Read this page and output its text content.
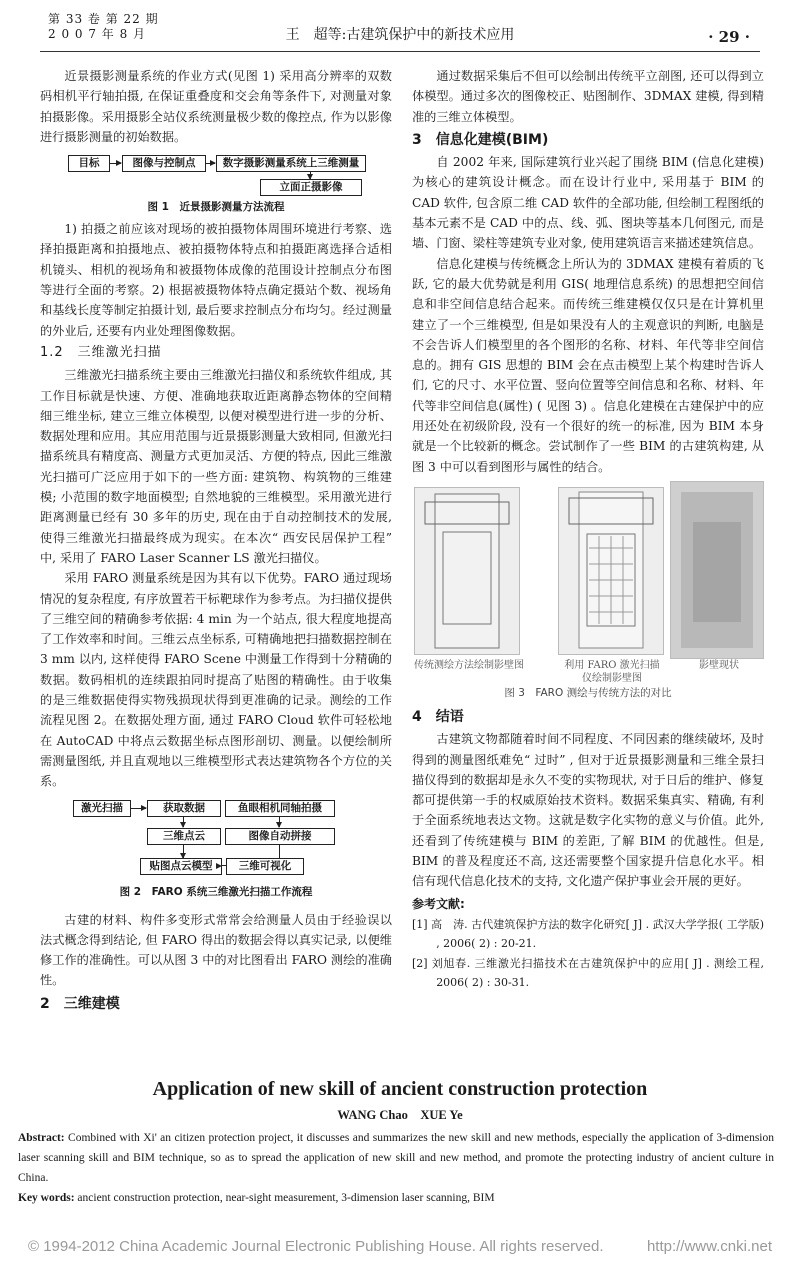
第 33 卷 第 22 期
2 0 0 7 年 8 月	王　超等:古建筑保护中的新技术应用	· 29 ·

近景摄影测量系统的作业方式(见图 1) 采用高分辨率的双数码相机平行轴拍摄, 在保证重叠度和交会角等条件下, 对测量对象拍摄影像。采用摄影全站仪系统测量极少数的像控点, 作为以影像进行摄影测量的初始数据。

目标	图像与控制点	数字摄影测量系统上三维测量
立面正摄影像
图 1　近景摄影测量方法流程

1) 拍摄之前应该对现场的被拍摄物体周围环境进行考察、选择拍摄距离和拍摄地点、被拍摄物体特点和拍摄距离选择合适相机镜头、相机的视场角和被摄物体成像的范围设计控制点分布图等进行全面的考察。2) 根据被摄物体特点确定摄站个数、视场角和基线长度等制定拍摄计划, 最后要求控制点分布均匀。经过测量的外业后, 还要有内业处理图像数据。

1.2　三维激光扫描

三维激光扫描系统主要由三维激光扫描仪和系统软件组成, 其工作目标就是快速、方便、准确地获取近距离静态物体的空间精细三维坐标, 建立三维立体模型, 以便对模型进行进一步的分析、数据处理和应用。其应用范围与近景摄影测量大致相同, 但激光扫描系统具有精度高、测量方式更加灵活、方便的特点, 因此三维激光扫描可广泛应用于如下的一些方面: 建筑物、构筑物的三维建模; 小范围的数字地面模型; 自然地貌的三维模型。采用激光进行距离测量已经有 30 多年的历史, 现在由于自动控制技术的发展, 使得三维激光扫描最终成为现实。在本次“ 西安民居保护工程” 中, 采用了 FARO Laser Scanner LS 激光扫描仪。

采用 FARO 测量系统是因为其有以下优势。FARO 通过现场情况的复杂程度, 有序放置若干标靶球作为参考点。为扫描仪提供了三维空间的精确参考依据: 4 min 为一个站点, 很大程度地提高了工作效率和时间。三维云点坐标系, 可精确地把扫描数据控制在 3 mm 以内, 这样使得 FARO Scene 中测量工作得到十分精确的数据。数码相机的连续跟拍同时提高了贴图的精确性。由于收集的是三维数据使得实物残损现状得到更准确的记录。测绘的工作流程见图 2。在数据处理方面, 通过 FARO Cloud 软件可轻松地在 AutoCAD 中将点云数据坐标点图形剖切、测量。以便绘制所需测量图纸, 并且直观地以三维模型形式表达建筑物各个方位的关系。

激光扫描	获取数据	鱼眼相机同轴拍摄
三维点云	图像自动拼接
贴图点云模型	三维可视化
图 2　FARO 系统三维激光扫描工作流程

古建的材料、构件多变形式常常会给测量人员由于经验误以法式概念得到结论, 但 FARO 得出的数据会得以真实记录, 以便维修工作的准确性。可以从图 3 中的对比图看出 FARO 测绘的准确性。

2　三维建模

通过数据采集后不但可以绘制出传统平立剖图, 还可以得到立体模型。通过多次的图像校正、贴图制作、3DMAX 建模, 得到精准的三维立体模型。

3　信息化建模(BIM)

自 2002 年来, 国际建筑行业兴起了围绕 BIM (信息化建模) 为核心的建筑设计概念。而在设计行业中, 采用基于 BIM 的 CAD 软件, 包含原二维 CAD 软件的全部功能, 但绘制工程图纸的基本元素不是 CAD 中的点、线、弧、图块等基本几何图元, 而是墙、门窗、梁柱等建筑专业对象, 使用建筑语言来描述建筑信息。

信息化建模与传统概念上所认为的 3DMAX 建模有着质的飞跃, 它的最大优势就是利用 GIS( 地理信息系统) 的思想把空间信息和非空间信息结合起来。而传统三维建模仅仅只是在计算机里建立了一个三维模型, 但是如果没有人的主观意识的判断, 电脑是不会告诉人们模型里的各个图形的名称、材料、年代等非空间信息的。拥有 GIS 思想的 BIM 会在点击模型上某个构建时告诉人们, 它的尺寸、水平位置、竖向位置等空间信息和名称、材料、年代等非空间信息(属性) ( 见图 3) 。信息化建模在古建保护中的应用还处在初级阶段, 没有一个很好的统一的标准, 因为 BIM 本身就是一个比较新的概念。尝试制作了一些 BIM 的古建筑构建, 从图 3 中可以看到图形与属性的结合。

传统测绘方法绘制影壁图	利用 FARO 激光扫描仪绘制影壁图
影壁现状
图 3　FARO 测绘与传统方法的对比
4　结语

古建筑文物都随着时间不同程度、不同因素的继续破坏, 及时得到的测量图纸难免“ 过时” , 但对于近景摄影测量和三维全景扫描仪得到的数据却是永久不变的实物现状, 对于日后的维护、修复都可提供第一手的权威原始技术资料。数据采集真实、精确, 有利于全面系统地表达文物。这就是数字化实物的意义与价值。此外, 还看到了传统建模与 BIM 的差距, 了解 BIM 的优越性。但是, BIM 的普及程度还不高, 这还需要整个国家提升信息化水平。相信有现代信息化技术的支持, 文化遗产保护事业会开展的更好。

参考文献:
[1] 高　涛. 古代建筑保护方法的数字化研究[ J] . 武汉大学学报( 工学版) , 2006( 2) : 20-21.
[2] 刘旭春. 三维激光扫描技术在古建筑保护中的应用[ J] . 测绘工程, 2006( 2) : 30-31.
Application of new skill of ancient construction protection
WANG Chao　XUE Ye
Abstract: Combined with Xi' an citizen protection project, it discusses and summarizes the new skill and new methods, especially the application of 3-dimension laser scanning skill and BIM technique, so as to spread the application of new skill and new method, and promote the protecting industry of ancient culture in China.
Key words: ancient construction protection, near-sight measurement, 3-dimension laser scanning, BIM
© 1994-2012 China Academic Journal Electronic Publishing House. All rights reserved.	http://www.cnki.net
